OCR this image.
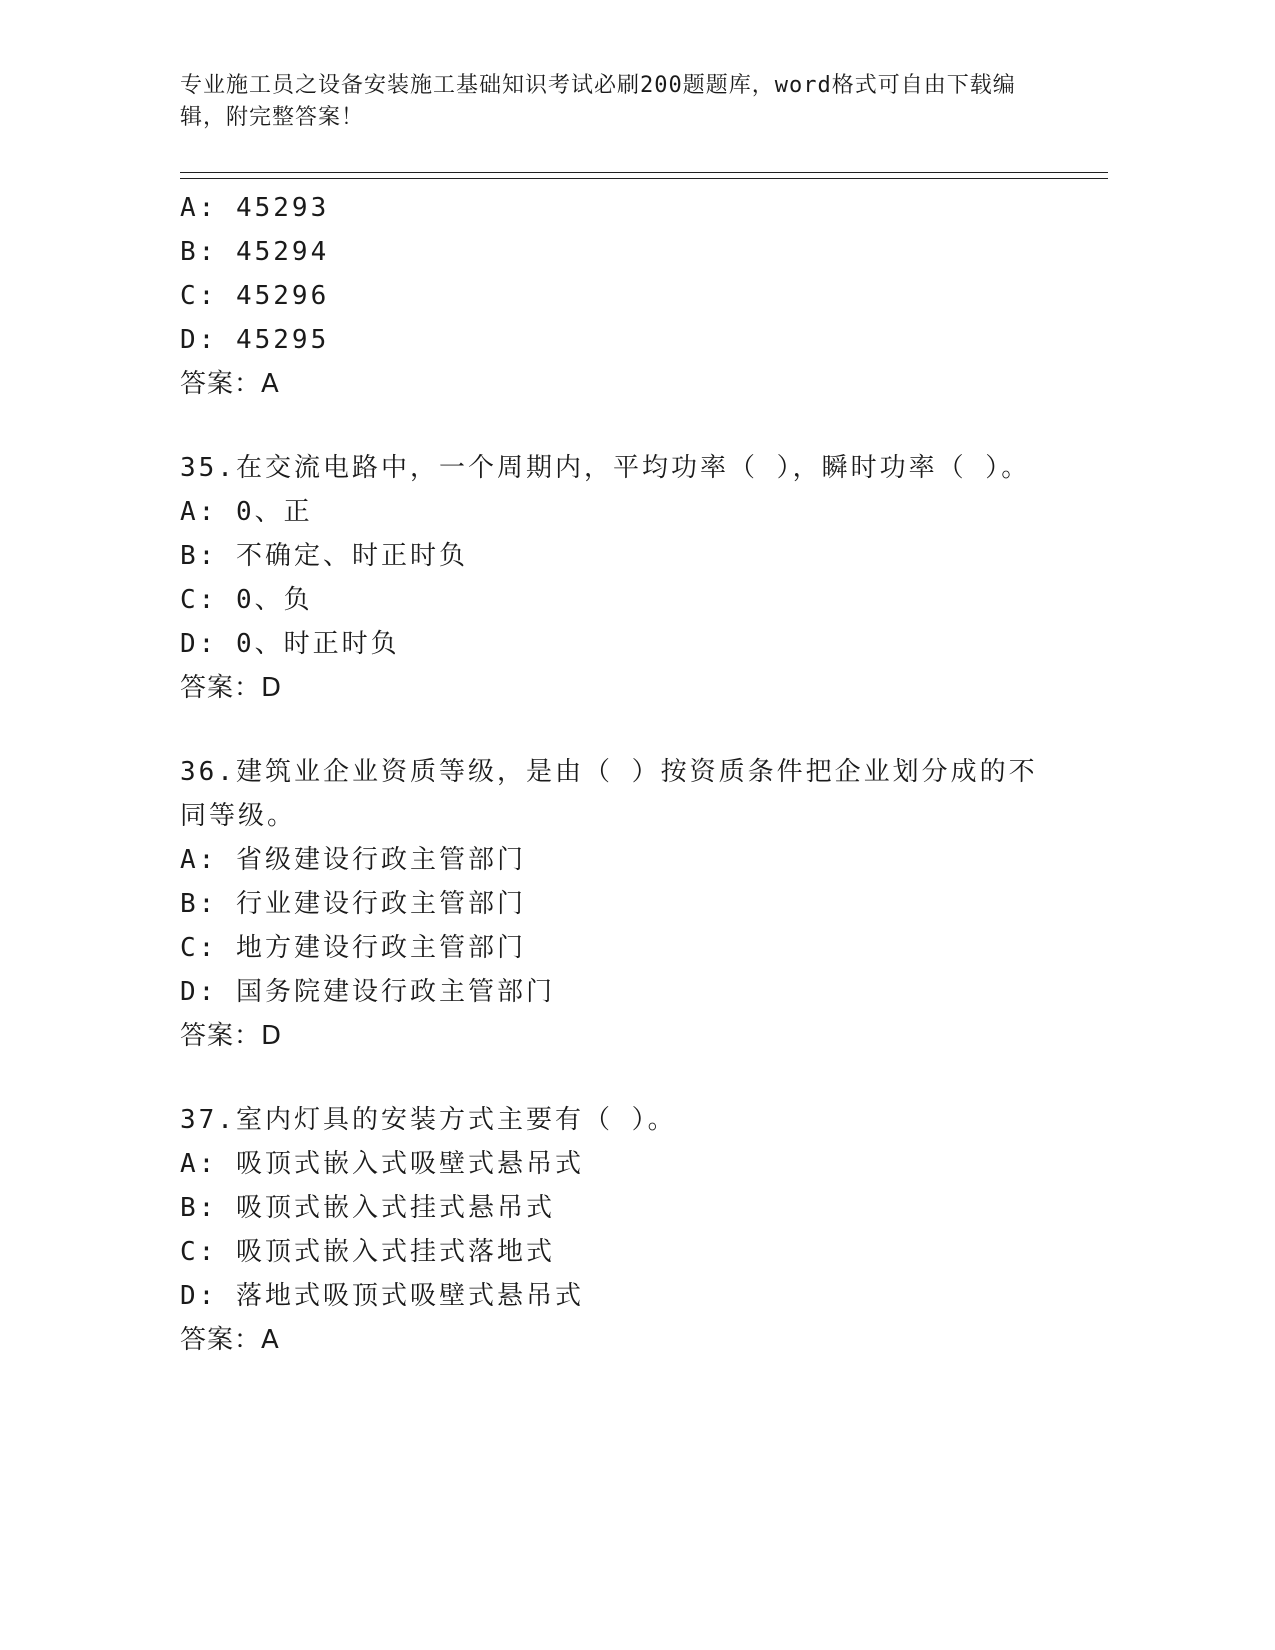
专业施工员之设备安装施工基础知识考试必刷200题题库，word格式可自由下载编辑，附完整答案！
A: 45293
B: 45294
C: 45296
D: 45295
答案：A
35.在交流电路中，一个周期内，平均功率（ ），瞬时功率（ ）。
A: 0、正
B: 不确定、时正时负
C: 0、负
D: 0、时正时负
答案：D
36.建筑业企业资质等级，是由（ ）按资质条件把企业划分成的不同等级。
A: 省级建设行政主管部门
B: 行业建设行政主管部门
C: 地方建设行政主管部门
D: 国务院建设行政主管部门
答案：D
37.室内灯具的安装方式主要有（ ）。
A: 吸顶式嵌入式吸壁式悬吊式
B: 吸顶式嵌入式挂式悬吊式
C: 吸顶式嵌入式挂式落地式
D: 落地式吸顶式吸壁式悬吊式
答案：A
